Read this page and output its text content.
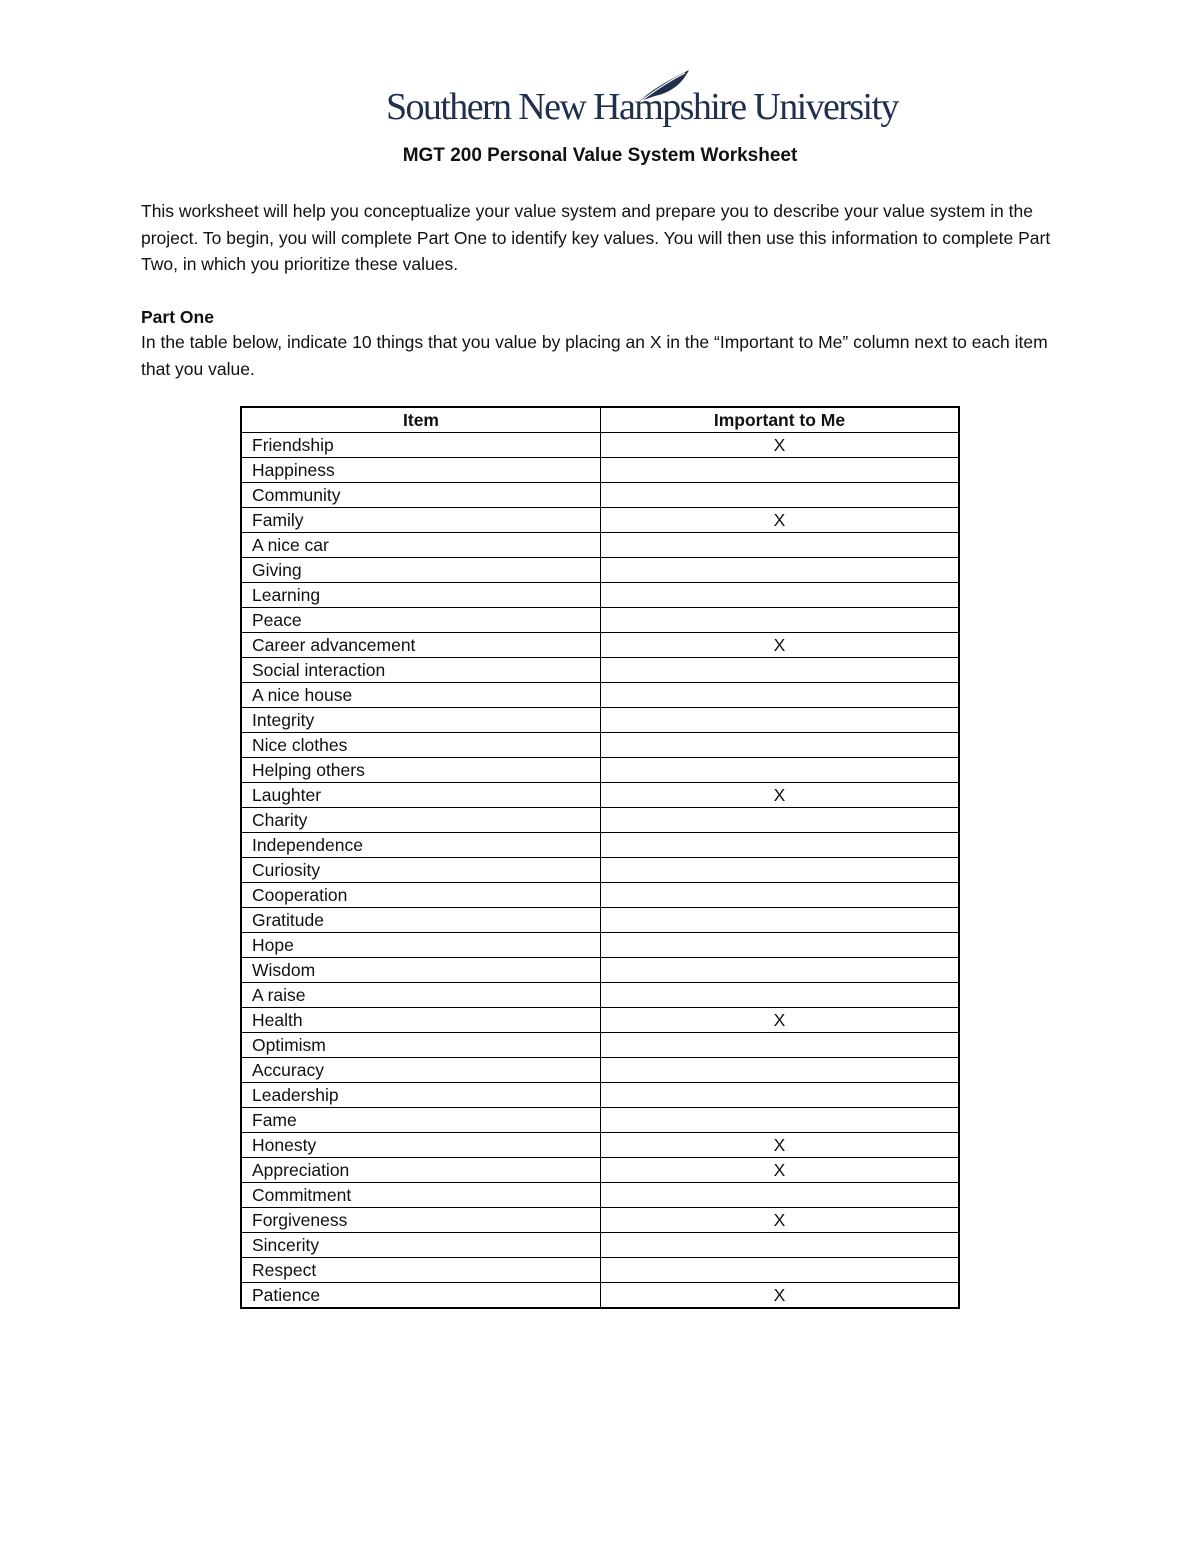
Southern New Hampshire University
MGT 200 Personal Value System Worksheet

This worksheet will help you conceptualize your value system and prepare you to describe your value system in the project. To begin, you will complete Part One to identify key values. You will then use this information to complete Part Two, in which you prioritize these values.

Part One

In the table below, indicate 10 things that you value by placing an X in the “Important to Me” column next to each item that you value.

Item	Important to Me
Friendship	X
Happiness	
Community	
Family	X
A nice car	
Giving	
Learning	
Peace	
Career advancement	X
Social interaction	
A nice house	
Integrity	
Nice clothes	
Helping others	
Laughter	X
Charity	
Independence	
Curiosity	
Cooperation	
Gratitude	
Hope	
Wisdom	
A raise	
Health	X
Optimism	
Accuracy	
Leadership	
Fame	
Honesty	X
Appreciation	X
Commitment	
Forgiveness	X
Sincerity	
Respect	
Patience	X
